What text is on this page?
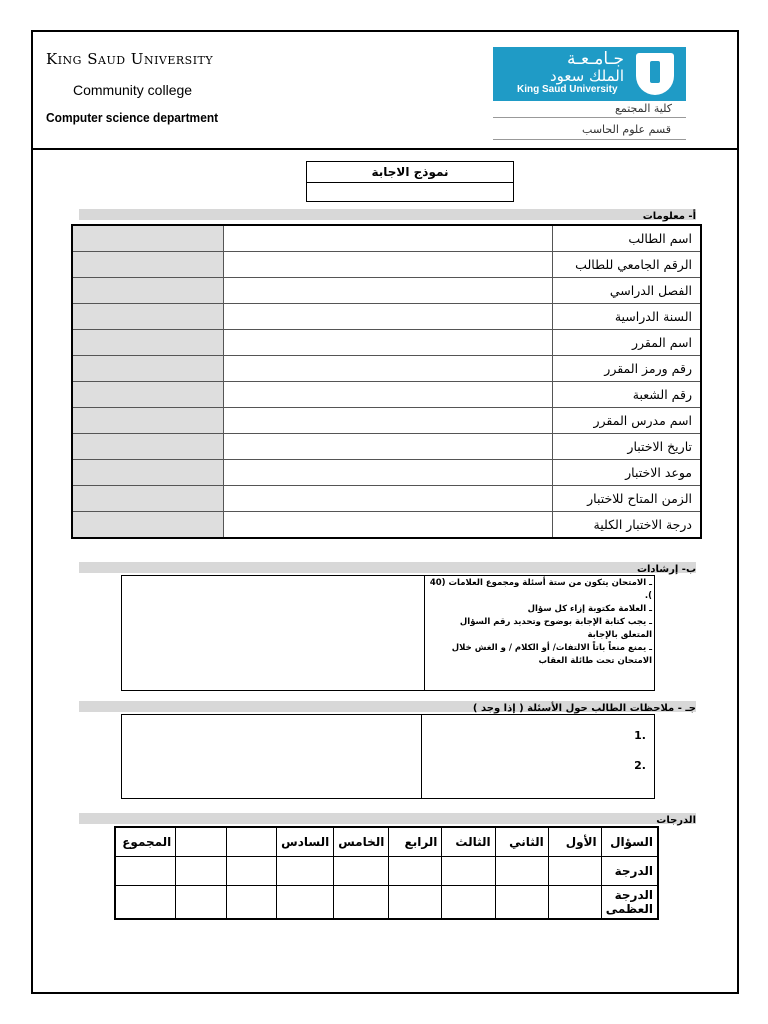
King Saud University
Community college
Computer science department
جـامـعـة
الملك سعود
King Saud University
كلية المجتمع
قسم علوم الحاسب
نموذج الاجابة
أ- معلومات
		اسم الطالب
		الرقم الجامعي للطالب
		الفصل الدراسي
		السنة الدراسية
		اسم المقرر
		رقم ورمز المقرر
		رقم الشعبة
		اسم مدرس المقرر
		تاريخ الاختبار
		موعد الاختبار
		الزمن المتاح للاختبار
		درجة الاختبار الكلية
ب- إرشادات
ـ الامتحان يتكون من ستة أسئلة ومجموع العلامات (40 ).
ـ العلامة مكتوبة إزاء كل سؤال
ـ يجب كتابة الإجابة بوضوح وتحديد رقم السؤال المتعلق بالإجابة
ـ يمنع منعاً باتاً الالتفات/ أو الكلام / و الغش خلال الامتحان تحت طائلة العقاب
جـ - ملاحظات الطالب حول الأسئلة ( إذا وجد )
1.
2.
الدرجات
المجموع			السادس	الخامس	الرابع	الثالث	الثاني	الأول	السؤال
									الدرجة
									الدرجة العظمى
